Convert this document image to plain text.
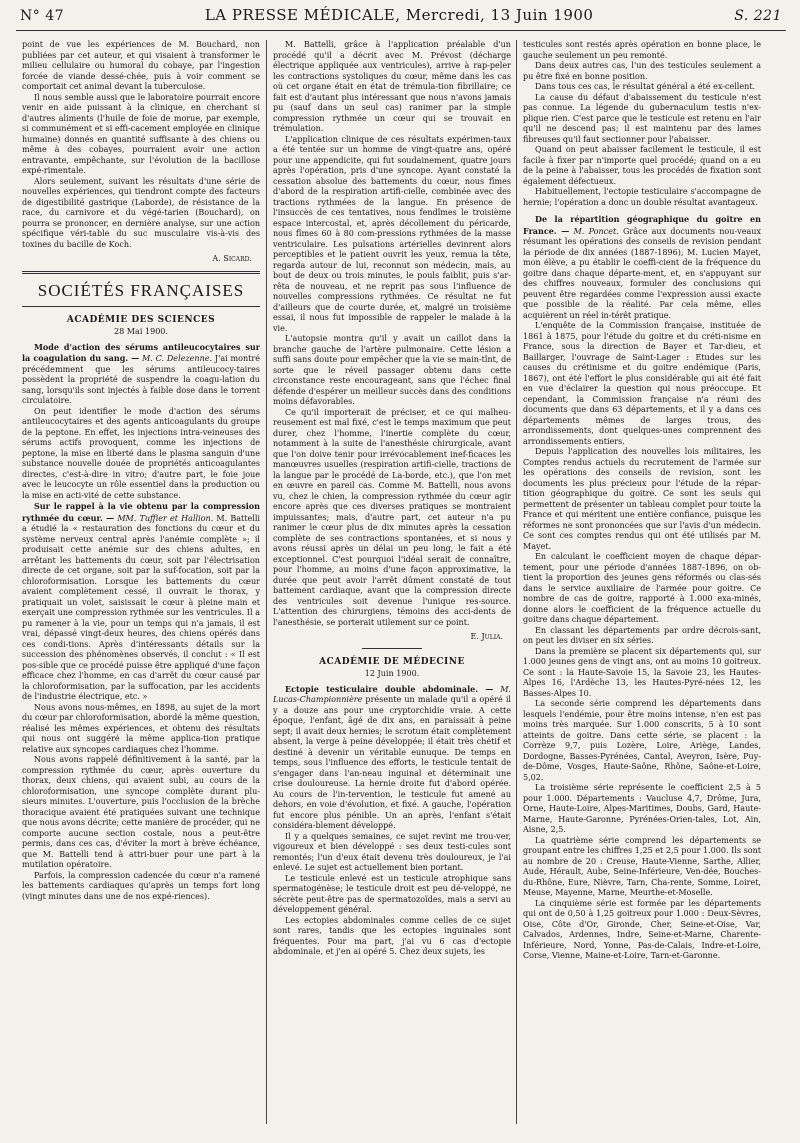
N° 47	LA PRESSE MÉDICALE, Mercredi, 13 Juin 1900	S. 221

point de vue les expériences de M. Bouchard, non publiées par cet auteur, et qui visaient à transformer le milieu cellulaire ou humoral du cobaye, par l'ingestion forcée de viande dessé-chée, puis à voir comment se comportait cet animal devant la tuberculose.

Il nous semble aussi que le laboratoire pourrait encore venir en aide puissant à la clinique, en cherchant si d'autres aliments (l'huile de foie de morue, par exemple, si communément et si effi-cacement employée en clinique humaine) donnés en quantité suffisante à des chiens ou même à des cobayes, pourraient avoir une action entravante, empêchante, sur l'évolution de la bacillose expé-rimentale.

Alors seulement, suivant les résultats d'une série de nouvelles expériences, qui tiendront compte des facteurs de digestibilité gastrique (Laborde), de résistance de la race, du carnivore et du végé-tarien (Bouchard), on pourra se prononcer, en dernière analyse, sur une action spécifique véri-table du suc musculaire vis-à-vis des toxines du bacille de Koch.

A. Sicard.

SOCIÉTÉS FRANÇAISES
ACADÉMIE DES SCIENCES
28 Mai 1900.

Mode d'action des sérums antileucocytaires sur la coagulation du sang. — M. C. Delezenne. J'ai montré précédemment que les sérums antileucocy-taires possèdent la propriété de suspendre la coagu-lation du sang, lorsqu'ils sont injectés à faible dose dans le torrent circulatoire.

On peut identifier le mode d'action des sérums antileucocytaires et des agents anticoagulants du groupe de la peptone. En effet, les injections intra-veineuses des sérums actifs provoquent, comme les injections de peptone, la mise en liberté dans le plasma sanguin d'une substance nouvelle douée de propriétés anticoagulantes directes, c'est-à-dire in vitro; d'autre part, le foie joue avec le leucocyte un rôle essentiel dans la production ou la mise en acti-vité de cette substance.

Sur le rappel à la vie obtenu par la compression rythmée du cœur. — MM. Tuffier et Hallion. M. Battelli a étudié la « restauration des fonctions du cœur et du système nerveux central après l'anémie complète »; il produisait cette anémie sur des chiens adultes, en arrêtant les battements du cœur, soit par l'électrisation directe de cet organe, soit par la suf-focation, soit par la chloroformisation. Lorsque les battements du cœur avaient complètement cessé, il ouvrait le thorax, y pratiquait un volet, saisissait le cœur à pleine main et exerçait une compression rythmée sur les ventricules. Il a pu ramener à la vie, pour un temps qui n'a jamais, il est vrai, dépassé vingt-deux heures, des chiens opérés dans ces condi-tions. Après d'intéressants détails sur la succession des phénomènes observés, il conclut : « Il est pos-sible que ce procédé puisse être appliqué d'une façon efficace chez l'homme, en cas d'arrêt du cœur causé par la chloroformisation, par la suffocation, par les accidents de l'industrie électrique, etc. »

Nous avons nous-mêmes, en 1898, au sujet de la mort du cœur par chloroformisation, abordé la même question, réalisé les mêmes expériences, et obtenu des résultats qui nous ont suggéré la même applica-tion pratique relative aux syncopes cardiaques chez l'homme.

Nous avons rappelé définitivement à la santé, par la compression rythmée du cœur, après ouverture du thorax, deux chiens, qui avaient subi, au cours de la chloroformisation, une syncope complète durant plu-sieurs minutes. L'ouverture, puis l'occlusion de la brèche thoracique avaient été pratiquées suivant une technique que nous avons décrite; cette manière de procéder, qui ne comporte aucune section costale, nous a peut-être permis, dans ces cas, d'éviter la mort à brève échéance, que M. Battelli tend à attri-buer pour une part à la mutilation opératoire.

Parfois, la compression cadencée du cœur n'a ramené les battements cardiaques qu'après un temps fort long (vingt minutes dans une de nos expé-riences).

M. Battelli, grâce à l'application préalable d'un procédé qu'il a décrit avec M. Prévost (décharge électrique appliquée aux ventricules), arrive à rap-peler les contractions systoliques du cœur, même dans les cas où cet organe était en état de trémula-tion fibrillaire; ce fait est d'autant plus intéressant que nous n'avons jamais pu (sauf dans un seul cas) ranimer par la simple compression rythmée un cœur qui se trouvait en trémulation.

L'application clinique de ces résultats expérimen-taux a été tentée sur un homme de vingt-quatre ans, opéré pour une appendicite, qui fut soudainement, quatre jours après l'opération, pris d'une syncope. Ayant constaté la cessation absolue des battements du cœur, nous fîmes d'abord de la respiration artifi-cielle, combinée avec des tractions rythmées de la langue. En présence de l'insuccès de ces tentatives, nous fendîmes le troisième espace intercostal, et, après décollement du péricarde, nous fîmes 60 à 80 com-pressions rythmées de la masse ventriculaire. Les pulsations artérielles devinrent alors perceptibles et le patient ouvrit les yeux, remua la tête, regarda autour de lui, reconnut son médecin, mais, au bout de deux ou trois minutes, le pouls faiblit, puis s'ar-rêta de nouveau, et ne reprit pas sous l'influence de nouvelles compressions rythmées. Ce résultat ne fut d'ailleurs que de courte durée, et, malgré un troisième essai, il nous fut impossible de rappeler le malade à la vie.

L'autopsie montra qu'il y avait un caillot dans la branche gauche de l'artère pulmonaire. Cette lésion a suffi sans doute pour empêcher que la vie se main-tînt, de sorte que le réveil passager obtenu dans cette circonstance reste encourageant, sans que l'échec final défende d'espérer un meilleur succès dans des conditions moins défavorables.

Ce qu'il importerait de préciser, et ce qui malheu-reusement est mal fixé, c'est le temps maximum que peut durer, chez l'homme, l'inertie complète du cœur, notamment à la suite de l'anesthésie chirurgicale, avant que l'on doive tenir pour irrévocablement inef-ficaces les manœuvres usuelles (respiration artifi-cielle, tractions de la langue par le procédé de La-borde, etc.), que l'on met en œuvre en pareil cas. Comme M. Battelli, nous avons vu, chez le chien, la compression rythmée du cœur agir encore après que ces diverses pratiques se montraient impuissantes; mais, d'autre part, cet auteur n'a pu ranimer le cœur plus de dix minutes après la cessation complète de ses contractions spontanées, et si nous y avons réussi après un délai un peu long, le fait a été exceptionnel. C'est pourquoi l'idéal serait de connaître, pour l'homme, au moins d'une façon approximative, la durée que peut avoir l'arrêt dûment constaté de tout battement cardiaque, avant que la compression directe des ventricules soit devenue l'unique res-source. L'attention des chirurgiens, témoins des acci-dents de l'anesthésie, se porterait utilement sur ce point.

E. Julia.

ACADÉMIE DE MÉDECINE
12 Juin 1900.

Ectopie testiculaire double abdominale. — M. Lucas-Championnière présente un malade qu'il a opéré il y a douze ans pour une cryptorchidie vraie. A cette époque, l'enfant, âgé de dix ans, en paraissait à peine sept; il avait deux hernies; le scrotum était complètement absent, la verge à peine développée; il était très chétif et destiné à devenir un véritable eunuque. De temps en temps, sous l'influence des efforts, le testicule tentait de s'engager dans l'an-neau inguinal et déterminait une crise douloureuse. La hernie droite fut d'abord opérée. Au cours de l'in-tervention, le testicule fut amené au dehors, en voie d'évolution, et fixé. A gauche, l'opération fut encore plus pénible. Un an après, l'enfant s'était considéra-blement développé.

Il y a quelques semaines, ce sujet revint me trou-ver, vigoureux et bien développé : ses deux testi-cules sont remontés; l'un d'eux était devenu très douloureux, je l'ai enlevé. Le sujet est actuellement bien portant.

Le testicule enlevé est un testicule atrophique sans spermatogénèse; le testicule droit est peu dé-veloppé, ne sécrète peut-être pas de spermatozoïdes, mais a servi au développement général.

Les ectopies abdominales comme celles de ce sujet sont rares, tandis que les ectopies inguinales sont fréquentes. Pour ma part, j'ai vu 6 cas d'ectopie abdominale, et j'en ai opéré 5. Chez deux sujets, les

testicules sont restés après opération en bonne place, le gauche seulement un peu remonté.

Dans deux autres cas, l'un des testicules seulement a pu être fixé en bonne position.

Dans tous ces cas, le résultat général a été ex-cellent.

La cause du défaut d'abaissement du testicule n'est pas connue. La légende du gubernaculum testis n'ex-plique rien. C'est parce que le testicule est retenu en l'air qu'il ne descend pas; il est maintenu par des lames fibreuses qu'il faut sectionner pour l'abaisser.

Quand on peut abaisser facilement le testicule, il est facile à fixer par n'importe quel procédé; quand on a eu de la peine à l'abaisser, tous les procédés de fixation sont également défectueux.

Habituellement, l'ectopie testiculaire s'accompagne de hernie; l'opération a donc un double résultat avantageux.

De la répartition géographique du goitre en France. — M. Poncet. Grâce aux documents nou-veaux résumant les opérations des conseils de revision pendant la période de dix années (1887-1896), M. Lucien Mayet, mon élève, a pu établir le coeffi-cient de la fréquence du goitre dans chaque départe-ment, et, en s'appuyant sur des chiffres nouveaux, formuler des conclusions qui peuvent être regardées comme l'expression aussi exacte que possible de la réalité. Par cela même, elles acquièrent un réel in-térêt pratique.

L'enquête de la Commission française, instituée de 1861 à 1875, pour l'étude du goitre et du créti-nisme en France, sous la direction de Bayer et Tar-dieu, et Baillarger, l'ouvrage de Saint-Lager : Etudes sur les causes du crétinisme et du goitre endémique (Paris, 1867), ont été l'effort le plus considérable qui ait été fait en vue d'éclairer la question qui nous préoccupe. Et cependant, la Commission française n'a réuni des documents que dans 63 départements, et il y a dans ces départements mêmes de larges trous, des arrondissements, dont quelques-unes comprennent des arrondissements entiers.

Depuis l'application des nouvelles lois militaires, les Comptes rendus actuels du recrutement de l'armée sur les opérations des conseils de revision, sont les documents les plus précieux pour l'étude de la répar-tition géographique du goitre. Ce sont les seuls qui permettent de présenter un tableau complet pour toute la France et qui méritent une entière confiance, puisque les réformes ne sont prononcées que sur l'avis d'un médecin. Ce sont ces comptes rendus qui ont été utilisés par M. Mayet.

En calculant le coefficient moyen de chaque dépar-tement, pour une période d'années 1887-1896, on ob-tient la proportion des jeunes gens réformés ou clas-sés dans le service auxiliaire de l'armée pour goitre. Ce nombre de cas de goitre, rapporté à 1.000 exa-minés, donne alors le coefficient de la fréquence actuelle du goitre dans chaque département.

En classant les départements par ordre décrois-sant, on peut les diviser en six séries.

Dans la première se placent six départements qui, sur 1.000 jeunes gens de vingt ans, ont au moins 10 goitreux. Ce sont : la Haute-Savoie 15, la Savoie 23, les Hautes-Alpes 16, l'Ardèche 13, les Hautes-Pyré-nées 12, les Basses-Alpes 10.

La seconde série comprend les départements dans lesquels l'endémie, pour être moins intense, n'en est pas moins très marquée. Sur 1.000 conscrits, 5 à 10 sont atteints de goitre. Dans cette série, se placent : la Corrèze 9,7, puis Lozère, Loire, Ariège, Landes, Dordogne, Basses-Pyrénées, Cantal, Aveyron, Isère, Puy-de-Dôme, Vosges, Haute-Saône, Rhône, Saône-et-Loire, 5,02.

La troisième série représente le coefficient 2,5 à 5 pour 1.000. Départements : Vaucluse 4,7, Drôme, Jura, Orne, Haute-Loire, Alpes-Maritimes, Doubs, Gard, Haute-Marne, Haute-Garonne, Pyrénées-Orien-tales, Lot, Ain, Aisne, 2,5.

La quatrième série comprend les départements se groupant entre les chiffres 1,25 et 2,5 pour 1.000. Ils sont au nombre de 20 : Creuse, Haute-Vienne, Sarthe, Allier, Aude, Hérault, Aube, Seine-Inférieure, Ven-dée, Bouches-du-Rhône, Eure, Nièvre, Tarn, Cha-rente, Somme, Loiret, Meuse, Mayenne, Marne, Meurthe-et-Moselle.

La cinquième série est formée par les départements qui ont de 0,50 à 1,25 goitreux pour 1.000 : Deux-Sèvres, Oise, Côte d'Or, Gironde, Cher, Seine-et-Oise, Var, Calvados, Ardennes, Indre, Seine-et-Marne, Charente-Inférieure, Nord, Yonne, Pas-de-Calais, Indre-et-Loire, Corse, Vienne, Maine-et-Loire, Tarn-et-Garonne.
